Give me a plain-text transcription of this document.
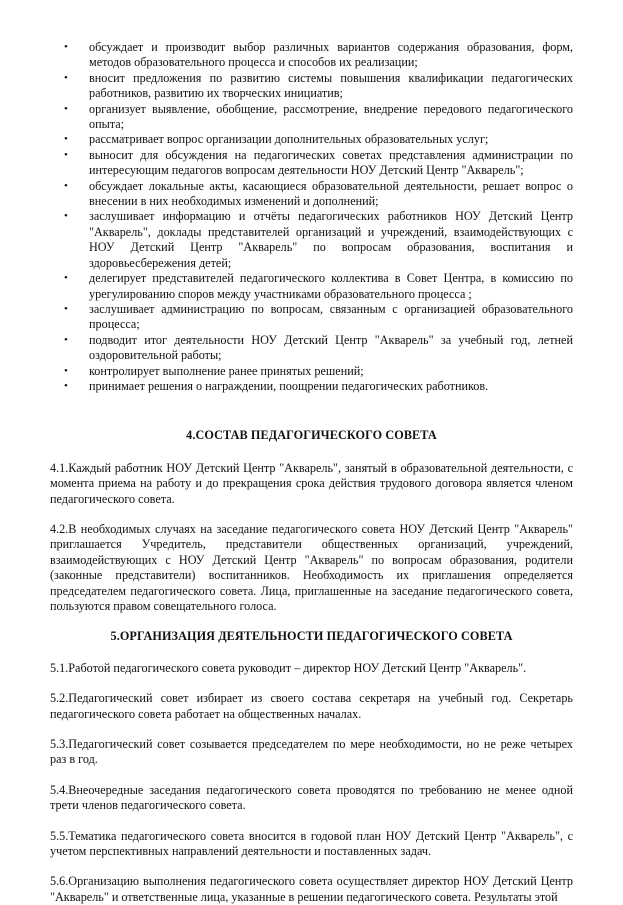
• обсуждает и производит выбор различных вариантов содержания образования, форм, методов образовательного процесса и способов их реализации;
• вносит предложения по развитию системы повышения квалификации педагогических работников, развитию их творческих инициатив;
• организует выявление, обобщение, рассмотрение, внедрение передового педагогического опыта;
• рассматривает вопрос организации дополнительных образовательных услуг;
• выносит для обсуждения на педагогических советах представления администрации по интересующим педагогов вопросам деятельности НОУ Детский Центр "Акварель";
• обсуждает локальные акты, касающиеся образовательной деятельности, решает вопрос о внесении в них необходимых изменений и дополнений;
• заслушивает информацию и отчёты педагогических работников НОУ Детский Центр "Акварель", доклады представителей организаций и учреждений, взаимодействующих с НОУ Детский Центр "Акварель" по вопросам образования, воспитания и здоровьесбережения детей;
• делегирует представителей педагогического коллектива в Совет Центра, в комиссию по урегулированию споров между участниками образовательного процесса ;
• заслушивает администрацию по вопросам, связанным с организацией образовательного процесса;
• подводит итог деятельности НОУ Детский Центр "Акварель" за учебный год, летней оздоровительной работы;
• контролирует выполнение ранее принятых решений;
• принимает решения о награждении, поощрении педагогических работников.
4.СОСТАВ ПЕДАГОГИЧЕСКОГО СОВЕТА

4.1.Каждый работник НОУ Детский Центр "Акварель", занятый в образовательной деятельности, с момента приема на работу и до прекращения срока действия трудового договора является членом педагогического совета.

4.2.В необходимых случаях на заседание педагогического совета НОУ Детский Центр "Акварель" приглашается Учредитель, представители общественных организаций, учреждений, взаимодействующих с НОУ Детский Центр "Акварель" по вопросам образования, родители (законные представители) воспитанников. Необходимость их приглашения определяется председателем педагогического совета. Лица, приглашенные на заседание педагогического совета, пользуются правом совещательного голоса.

5.ОРГАНИЗАЦИЯ ДЕЯТЕЛЬНОСТИ ПЕДАГОГИЧЕСКОГО СОВЕТА

5.1.Работой педагогического совета руководит – директор НОУ Детский Центр "Акварель".

5.2.Педагогический совет избирает из своего состава секретаря на учебный год. Секретарь педагогического совета работает на общественных началах.

5.3.Педагогический совет созывается председателем по мере необходимости, но не реже четырех раз в год.

5.4.Внеочередные заседания педагогического совета проводятся по требованию не менее одной трети членов педагогического совета.

5.5.Тематика педагогического совета вносится в годовой план НОУ Детский Центр "Акварель", с учетом перспективных направлений деятельности и поставленных задач.

5.6.Организацию выполнения педагогического совета осуществляет директор НОУ Детский Центр "Акварель" и ответственные лица, указанные в решении педагогического совета. Результаты этой
